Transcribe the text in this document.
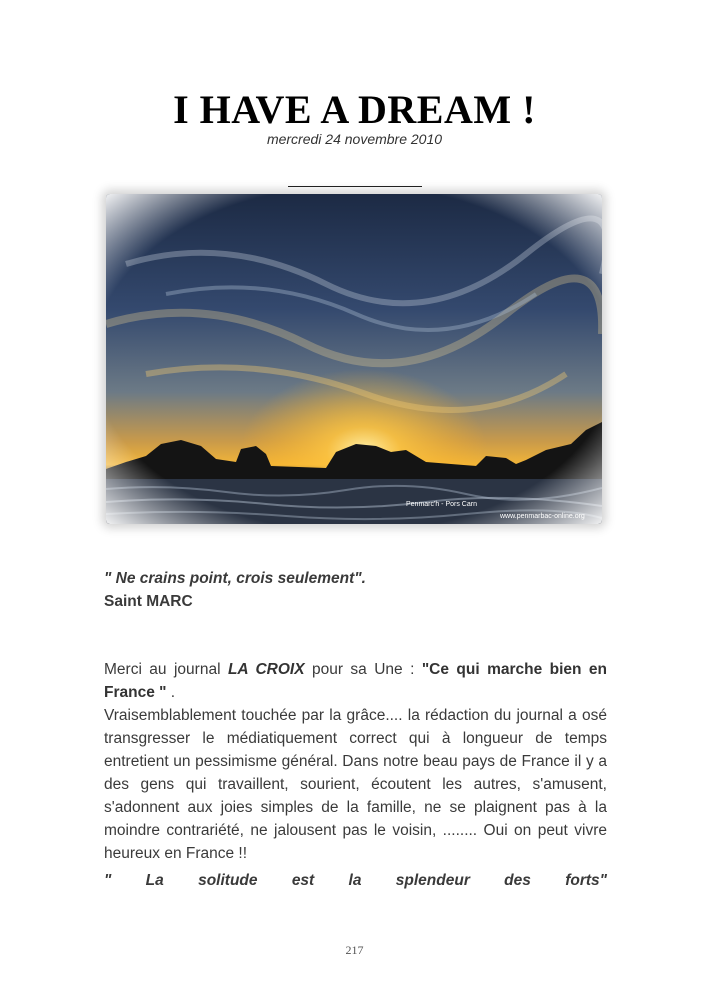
I HAVE A DREAM !
mercredi 24 novembre 2010
Penmarc'h - Pors Carn
www.penmarbac-online.org
" Ne crains point, crois seulement".
Saint MARC
Merci au journal LA CROIX pour sa Une : "Ce qui marche bien en France " .
Vraisemblablement touchée par la grâce.... la rédaction du journal a osé transgresser le médiatiquement correct qui à longueur de temps entretient un pessimisme général. Dans notre beau pays de France il y a des gens qui travaillent, sourient, écoutent les autres, s'amusent, s'adonnent aux joies simples de la famille, ne se plaignent pas à la moindre contrariété, ne jalousent pas le voisin, ........ Oui on peut vivre heureux en France !!
" La solitude est la splendeur des forts"
217
